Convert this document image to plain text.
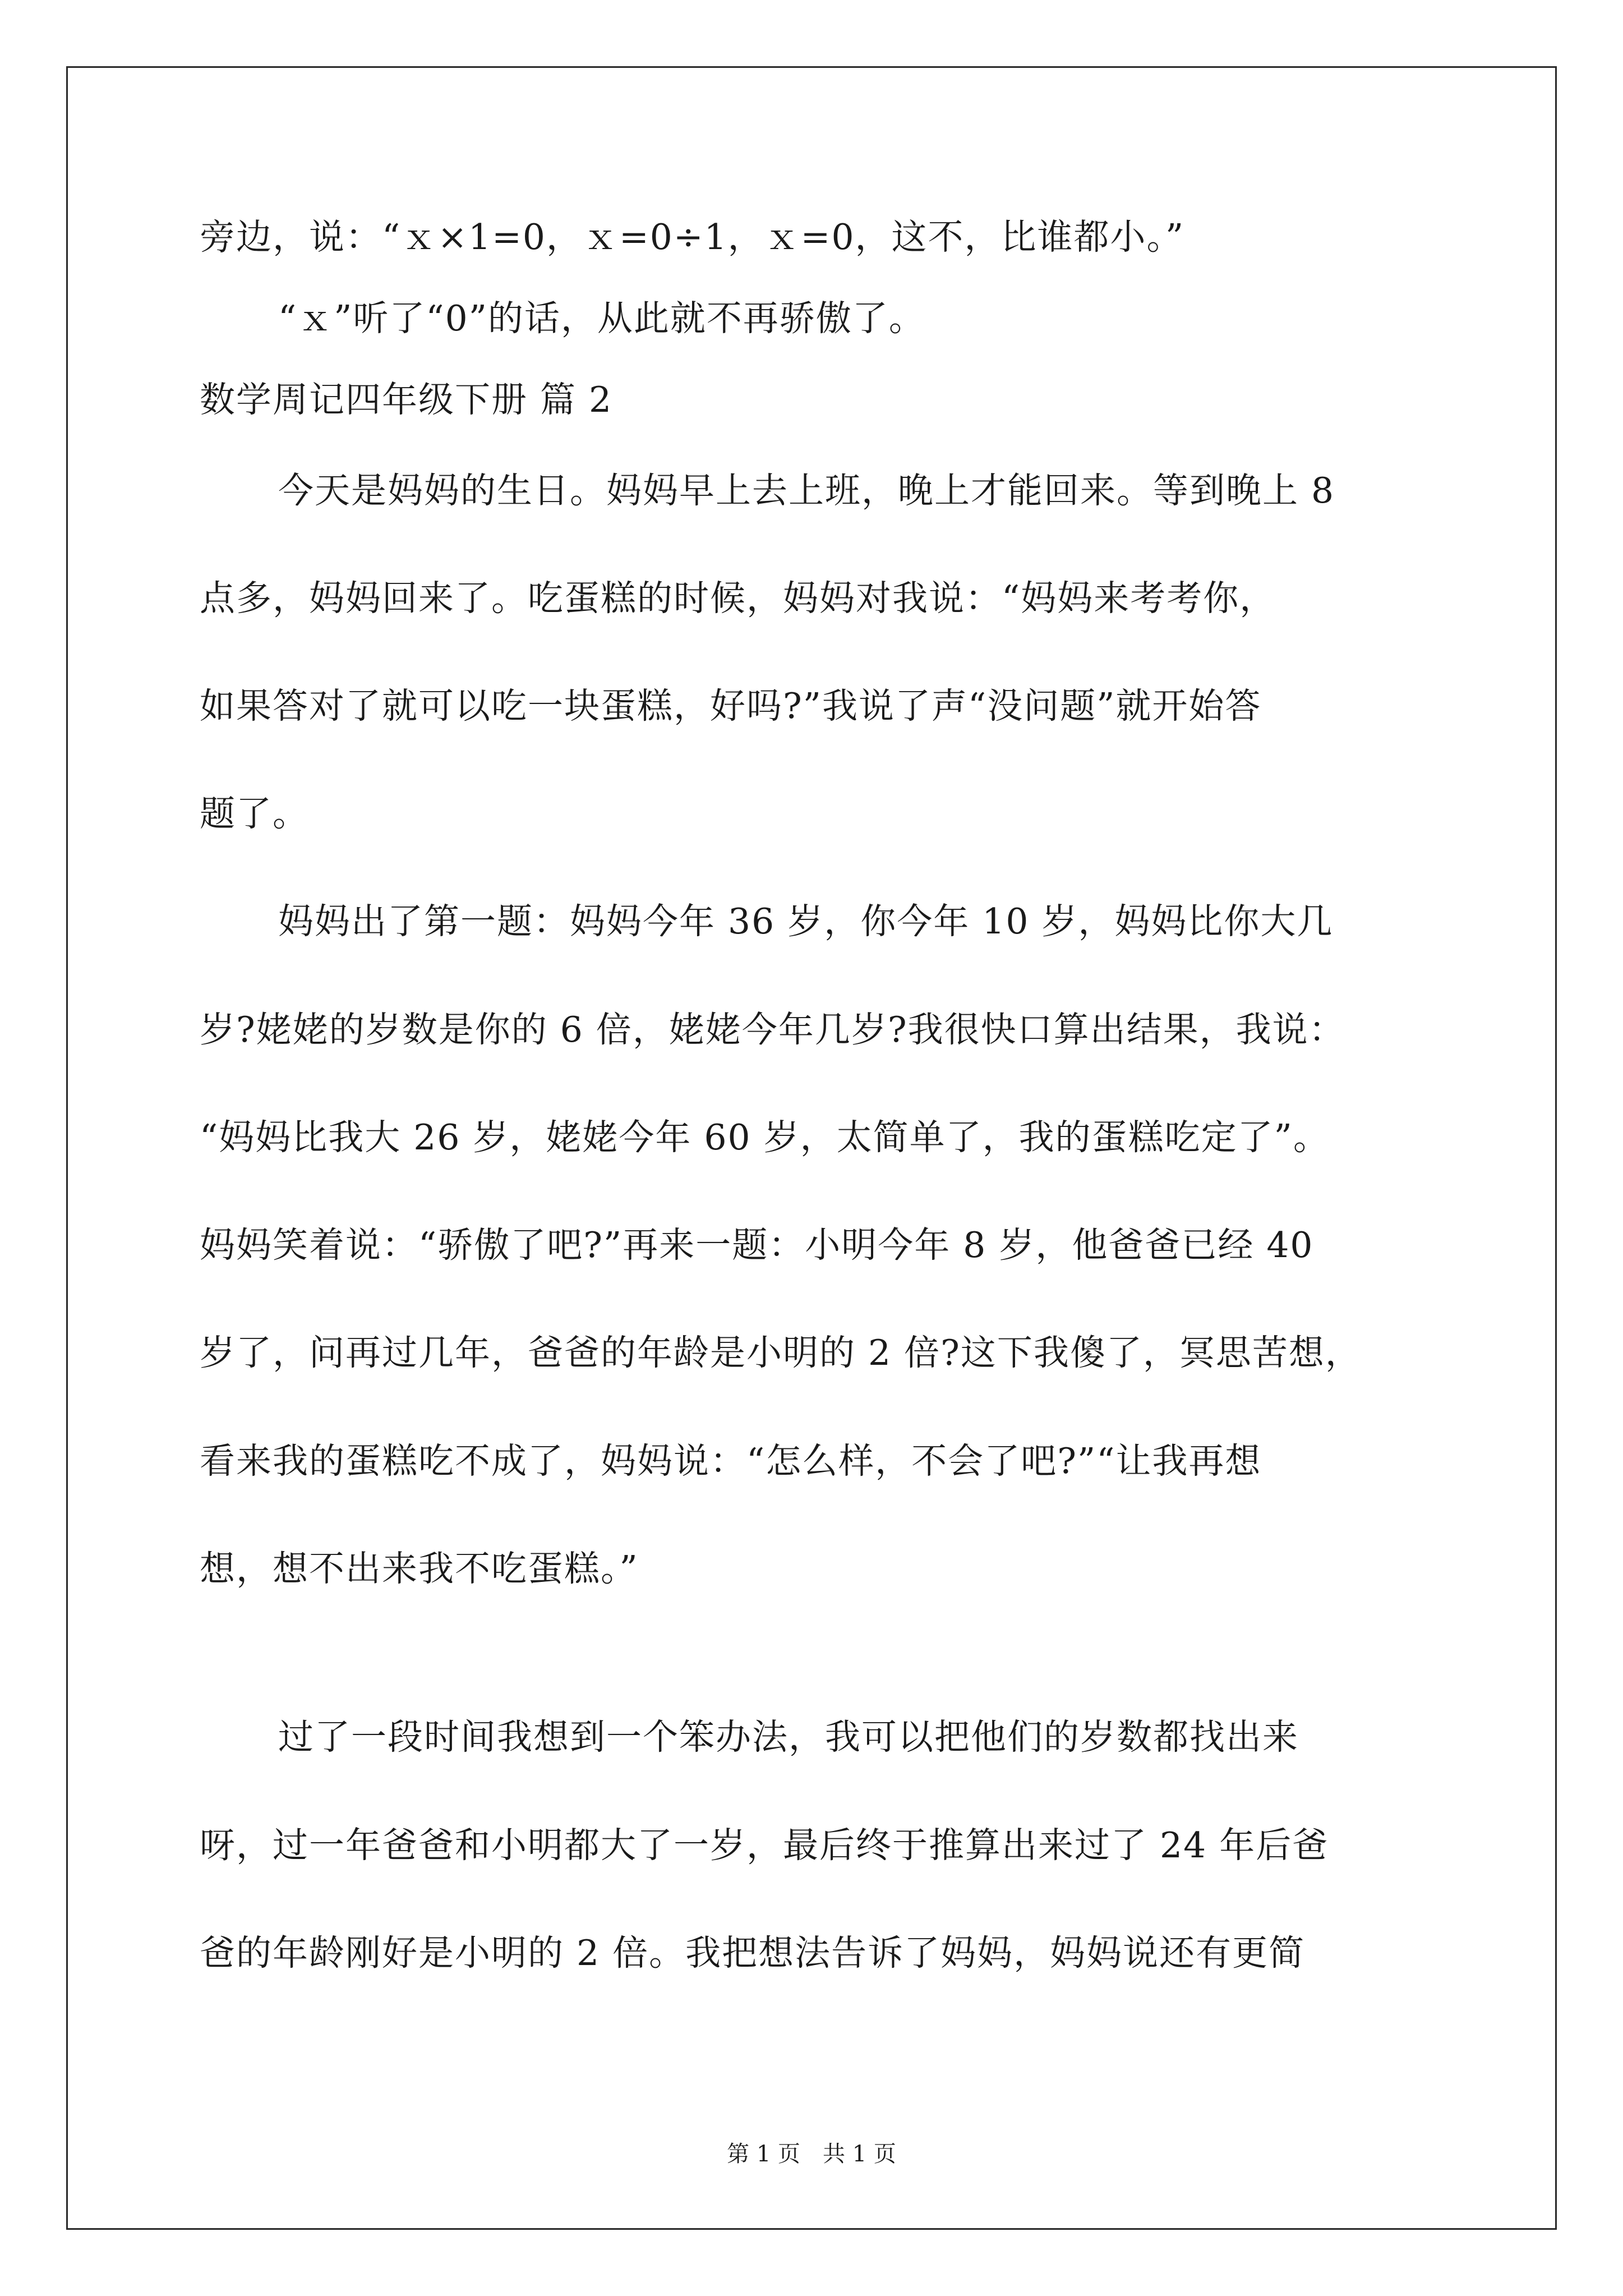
旁边，说：“ｘ×1=0，ｘ=0÷1，ｘ=0，这不，比谁都小。”
“ｘ”听了“0”的话，从此就不再骄傲了。
数学周记四年级下册 篇 2
今天是妈妈的生日。妈妈早上去上班，晚上才能回来。等到晚上 8
点多，妈妈回来了。吃蛋糕的时候，妈妈对我说：“妈妈来考考你，
如果答对了就可以吃一块蛋糕，好吗?”我说了声“没问题”就开始答
题了。
妈妈出了第一题：妈妈今年 36 岁，你今年 10 岁，妈妈比你大几
岁?姥姥的岁数是你的 6 倍，姥姥今年几岁?我很快口算出结果，我说：
“妈妈比我大 26 岁，姥姥今年 60 岁，太简单了，我的蛋糕吃定了”。
妈妈笑着说：“骄傲了吧?”再来一题：小明今年 8 岁，他爸爸已经 40
岁了，问再过几年，爸爸的年龄是小明的 2 倍?这下我傻了，冥思苦想，
看来我的蛋糕吃不成了，妈妈说：“怎么样，不会了吧?”“让我再想
想，想不出来我不吃蛋糕。”
过了一段时间我想到一个笨办法，我可以把他们的岁数都找出来
呀，过一年爸爸和小明都大了一岁，最后终于推算出来过了 24 年后爸
爸的年龄刚好是小明的 2 倍。我把想法告诉了妈妈，妈妈说还有更简
第 1 页　共 1 页
